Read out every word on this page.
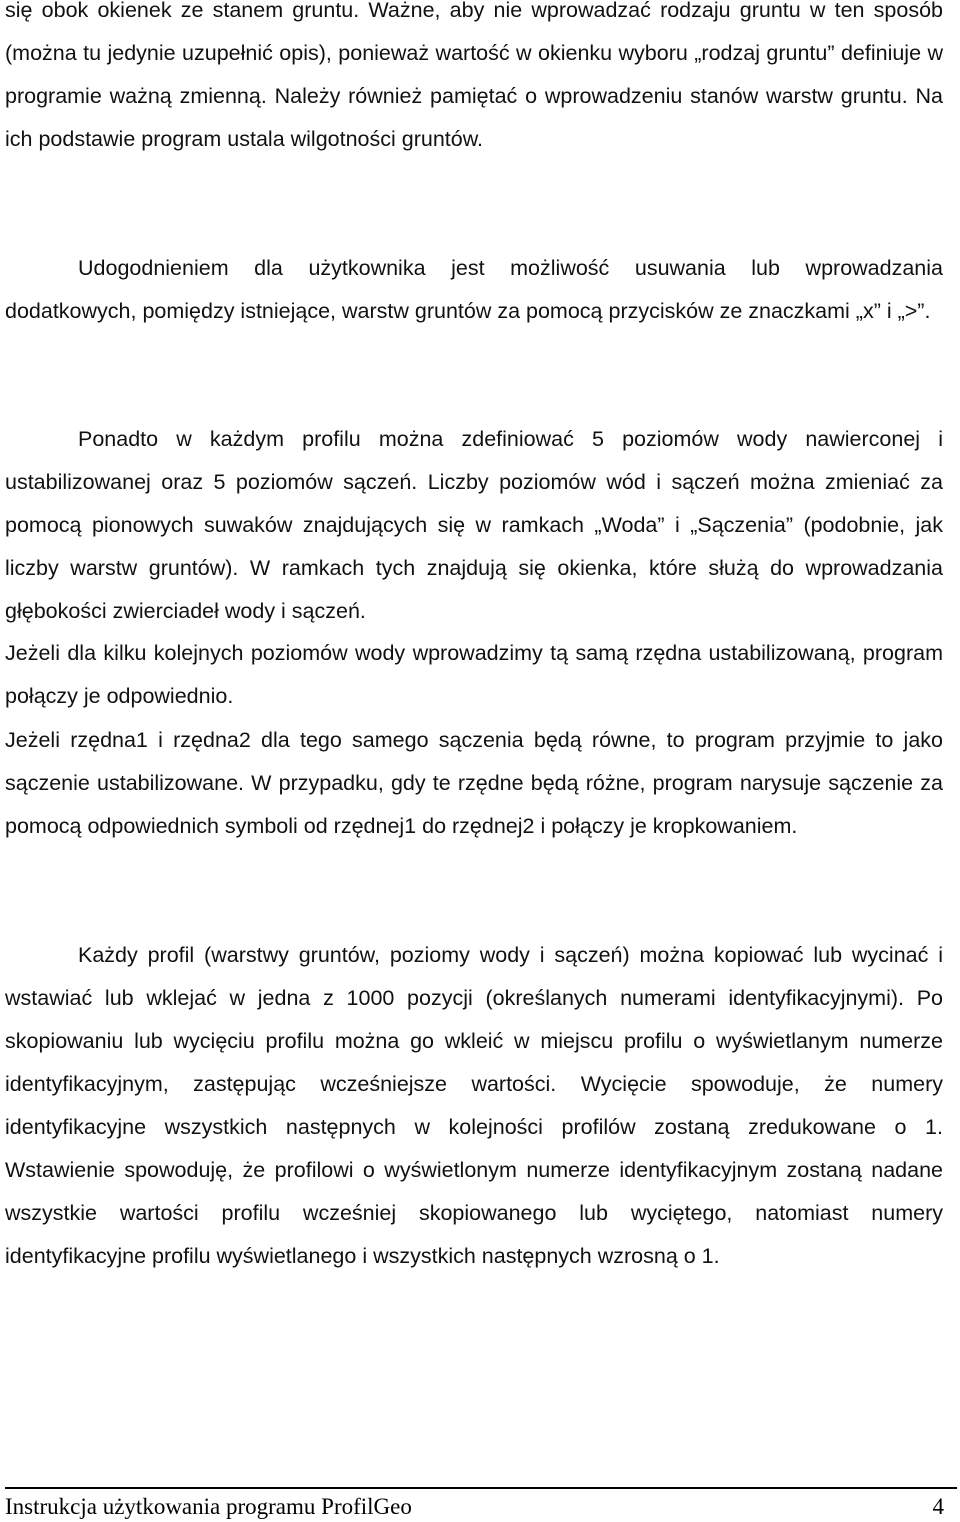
się obok okienek ze stanem gruntu. Ważne, aby nie wprowadzać rodzaju gruntu w ten sposób (można tu jedynie uzupełnić opis), ponieważ wartość w okienku wyboru „rodzaj gruntu” definiuje w programie ważną zmienną. Należy również pamiętać o wprowadzeniu stanów warstw gruntu. Na ich podstawie program ustala wilgotności gruntów.

Udogodnieniem dla użytkownika jest możliwość usuwania lub wprowadzania dodatkowych, pomiędzy istniejące, warstw gruntów za pomocą przycisków ze znaczkami „x” i „>”.

Ponadto w każdym profilu można zdefiniować 5 poziomów wody nawierconej i ustabilizowanej oraz 5 poziomów sączeń. Liczby poziomów wód i sączeń można zmieniać za pomocą pionowych suwaków znajdujących się w ramkach „Woda” i „Sączenia” (podobnie, jak liczby warstw gruntów). W ramkach tych znajdują się okienka, które służą do wprowadzania głębokości zwierciadeł wody i sączeń.

Jeżeli dla kilku kolejnych poziomów wody wprowadzimy tą samą rzędna ustabilizowaną, program połączy je odpowiednio.

Jeżeli rzędna1 i rzędna2 dla tego samego sączenia będą równe, to program przyjmie to jako sączenie ustabilizowane. W przypadku, gdy te rzędne będą różne, program narysuje sączenie za pomocą odpowiednich symboli od rzędnej1 do rzędnej2 i połączy je kropkowaniem.

Każdy profil (warstwy gruntów, poziomy wody i sączeń) można kopiować lub wycinać i wstawiać lub wklejać w jedna z 1000 pozycji (określanych numerami identyfikacyjnymi). Po skopiowaniu lub wycięciu profilu można go wkleić w miejscu profilu o wyświetlanym numerze identyfikacyjnym, zastępując wcześniejsze wartości. Wycięcie spowoduje, że numery identyfikacyjne wszystkich następnych w kolejności profilów zostaną zredukowane o 1. Wstawienie spowoduję, że profilowi o wyświetlonym numerze identyfikacyjnym zostaną nadane wszystkie wartości profilu wcześniej skopiowanego lub wyciętego, natomiast numery identyfikacyjne profilu wyświetlanego i wszystkich następnych wzrosną o 1.

Instrukcja użytkowania programu ProfilGeo	4
